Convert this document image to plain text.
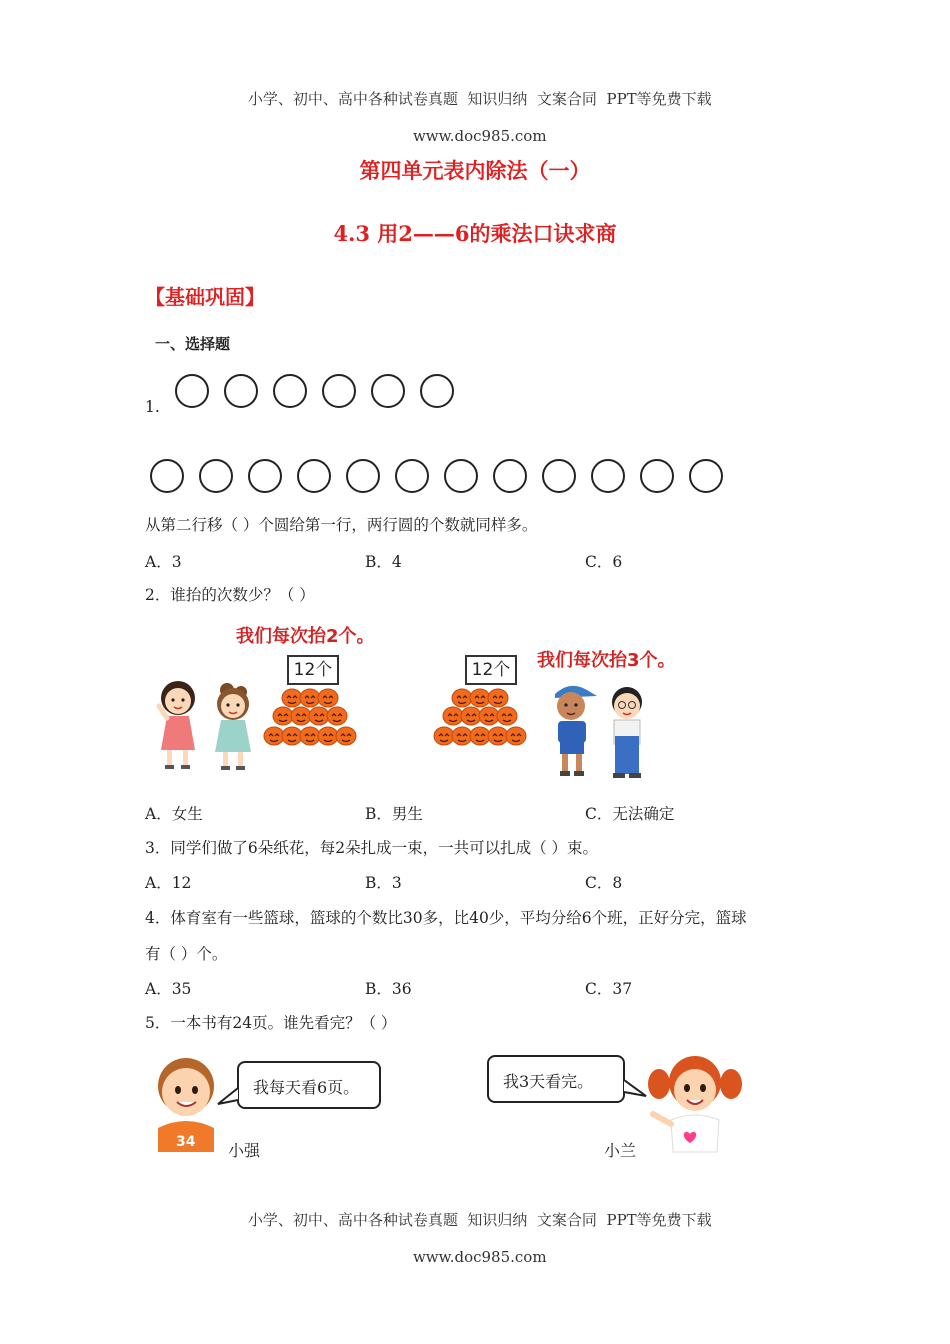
小学、初中、高中各种试卷真题  知识归纳  文案合同  PPT等免费下载

www.doc985.com

第四单元表内除法（一）
4.3 用2——6的乘法口诀求商
【基础巩固】
一、选择题
1.
从第二行移（ ）个圆给第一行，两行圆的个数就同样多。
A．3	B．4	C．6
2．谁抬的次数少？（ ）
我们每次抬2个。
我们每次抬3个。
12个	12个
A．女生	B．男生	C．无法确定
3．同学们做了6朵纸花，每2朵扎成一束，一共可以扎成（ ）束。
A．12	B．3	C．8
4．体育室有一些篮球，篮球的个数比30多，比40少，平均分给6个班，正好分完，篮球
有（ ）个。
A．35	B．36	C．37
5．一本书有24页。谁先看完？（ ）
34
我每天看6页。
小强
我3天看完。
小兰

小学、初中、高中各种试卷真题  知识归纳  文案合同  PPT等免费下载

www.doc985.com
